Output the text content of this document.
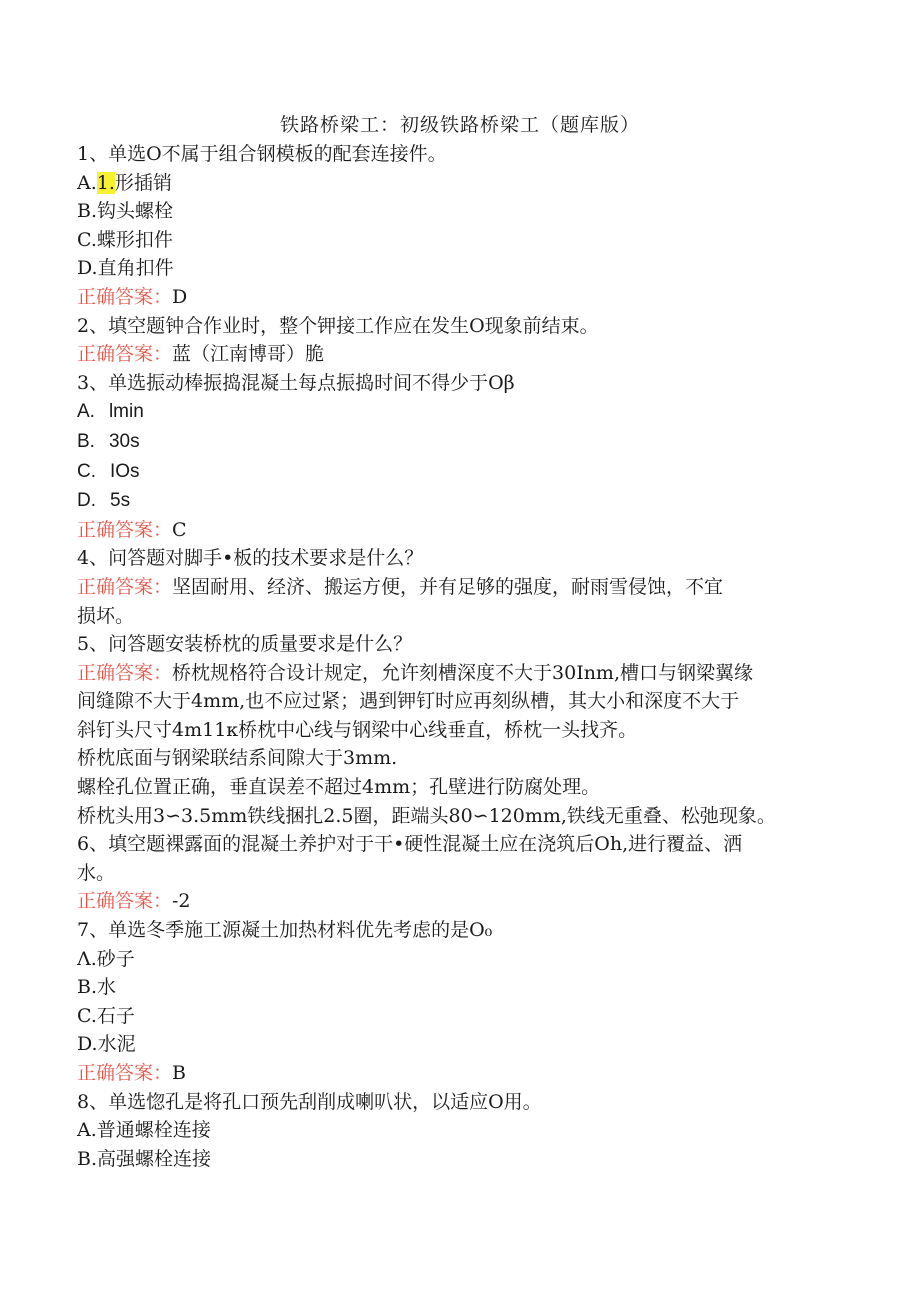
铁路桥梁工：初级铁路桥梁工（题库版）
1、单选O不属于组合钢模板的配套连接件。
A.1.形插销
B.钩头螺栓
C.蝶形扣件
D.直角扣件
正确答案：D
2、填空题钟合作业时，整个钾接工作应在发生O现象前结束。
正确答案：蓝（江南博哥）脆
3、单选振动棒振捣混凝土每点振捣时间不得少于Oβ
A. lmin
B. 30s
C. IOs
D. 5s
正确答案：C
4、问答题对脚手•板的技术要求是什么？
正确答案：坚固耐用、经济、搬运方便，并有足够的强度，耐雨雪侵蚀，不宜
损坏。
5、问答题安装桥枕的质量要求是什么？
正确答案：桥枕规格符合设计规定，允许刻槽深度不大于30Inm,槽口与钢梁翼缘
间缝隙不大于4mm,也不应过紧；遇到钾钉时应再刻纵槽，其大小和深度不大于
斜钉头尺寸4m11κ桥枕中心线与钢梁中心线垂直，桥枕一头找齐。
桥枕底面与钢梁联结系间隙大于3mm.
螺栓孔位置正确，垂直误差不超过4mm；孔壁进行防腐处理。
桥枕头用3∽3.5mm铁线捆扎2.5圈，距端头80∽120mm,铁线无重叠、松弛现象。
6、填空题裸露面的混凝土养护对于干•硬性混凝土应在浇筑后Oh,进行覆益、洒
水。
正确答案：-2
7、单选冬季施工源凝土加热材料优先考虑的是O₀
Λ.砂子
B.水
C.石子
D.水泥
正确答案：B
8、单选惚孔是将孔口预先刮削成喇叭状，以适应O用。
A.普通螺栓连接
B.高强螺栓连接
